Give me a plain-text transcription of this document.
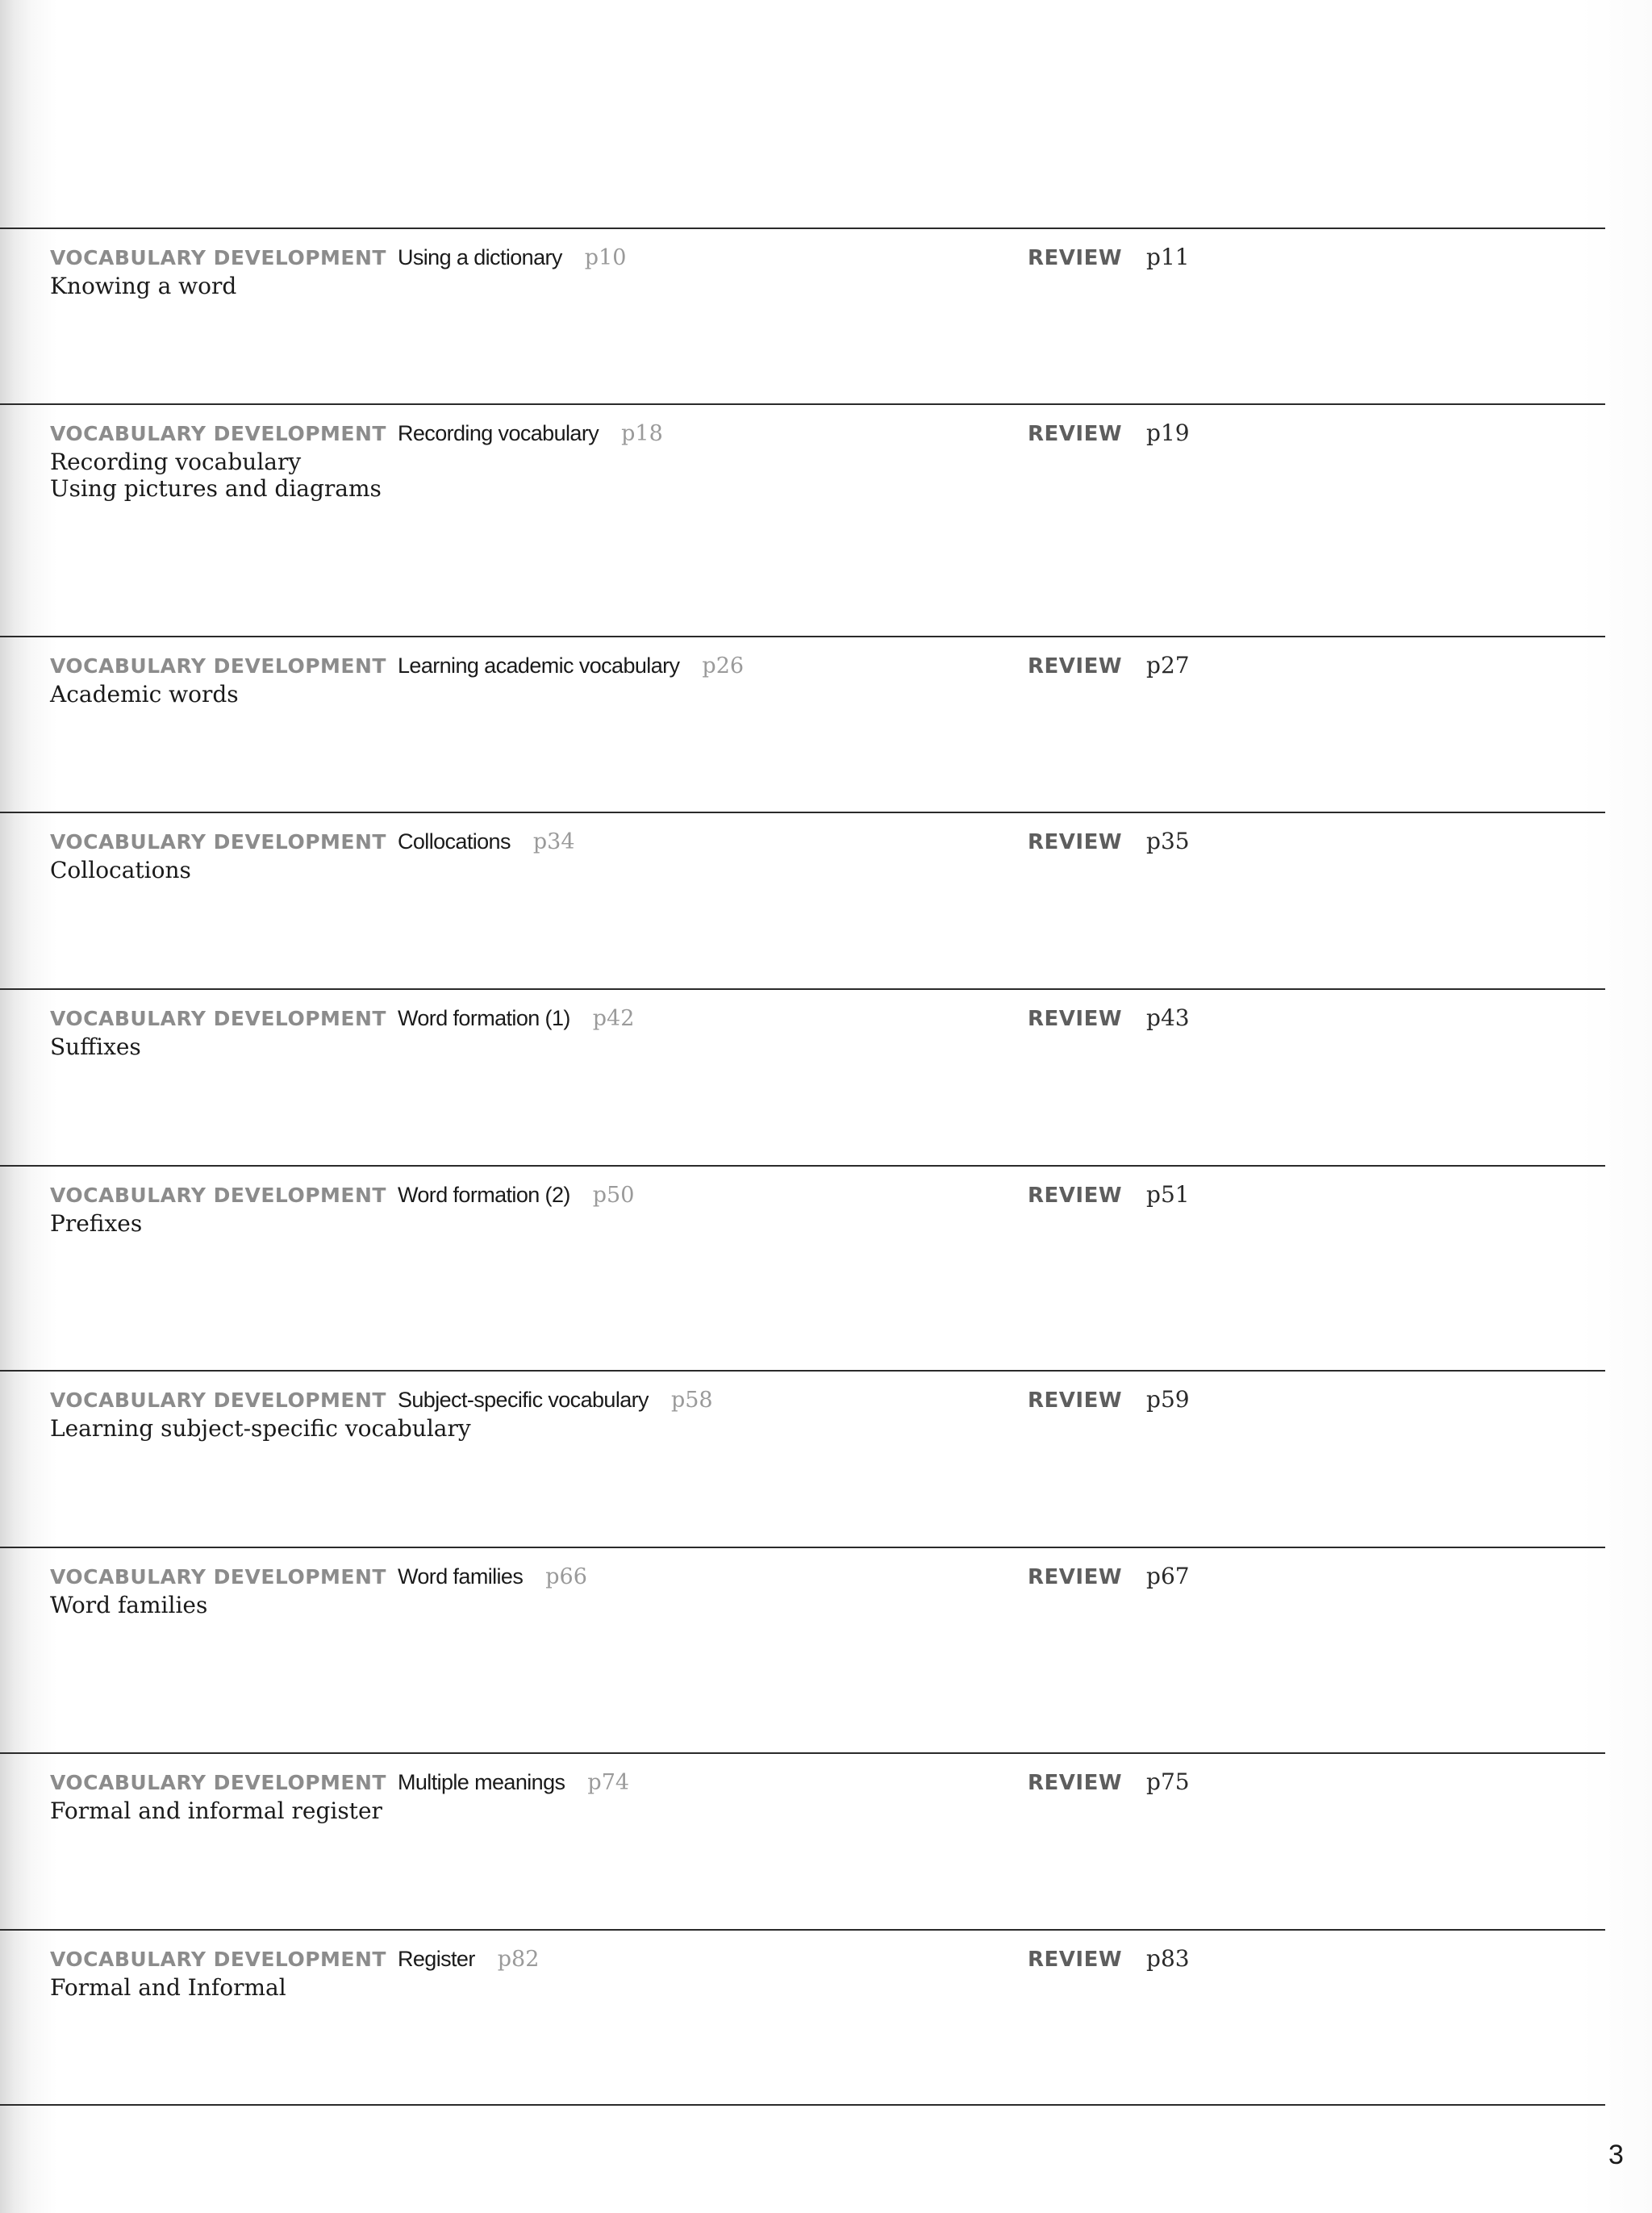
VOCABULARY DEVELOPMENT Using a dictionary p10
Knowing a word
REVIEW p11
VOCABULARY DEVELOPMENT Recording vocabulary p18
Recording vocabulary
Using pictures and diagrams
REVIEW p19
VOCABULARY DEVELOPMENT Learning academic vocabulary p26
Academic words
REVIEW p27
VOCABULARY DEVELOPMENT Collocations p34
Collocations
REVIEW p35
VOCABULARY DEVELOPMENT Word formation (1) p42
Suffixes
REVIEW p43
VOCABULARY DEVELOPMENT Word formation (2) p50
Prefixes
REVIEW p51
VOCABULARY DEVELOPMENT Subject-specific vocabulary p58
Learning subject-specific vocabulary
REVIEW p59
VOCABULARY DEVELOPMENT Word families p66
Word families
REVIEW p67
VOCABULARY DEVELOPMENT Multiple meanings p74
Formal and informal register
REVIEW p75
VOCABULARY DEVELOPMENT Register p82
Formal and Informal
REVIEW p83
3
